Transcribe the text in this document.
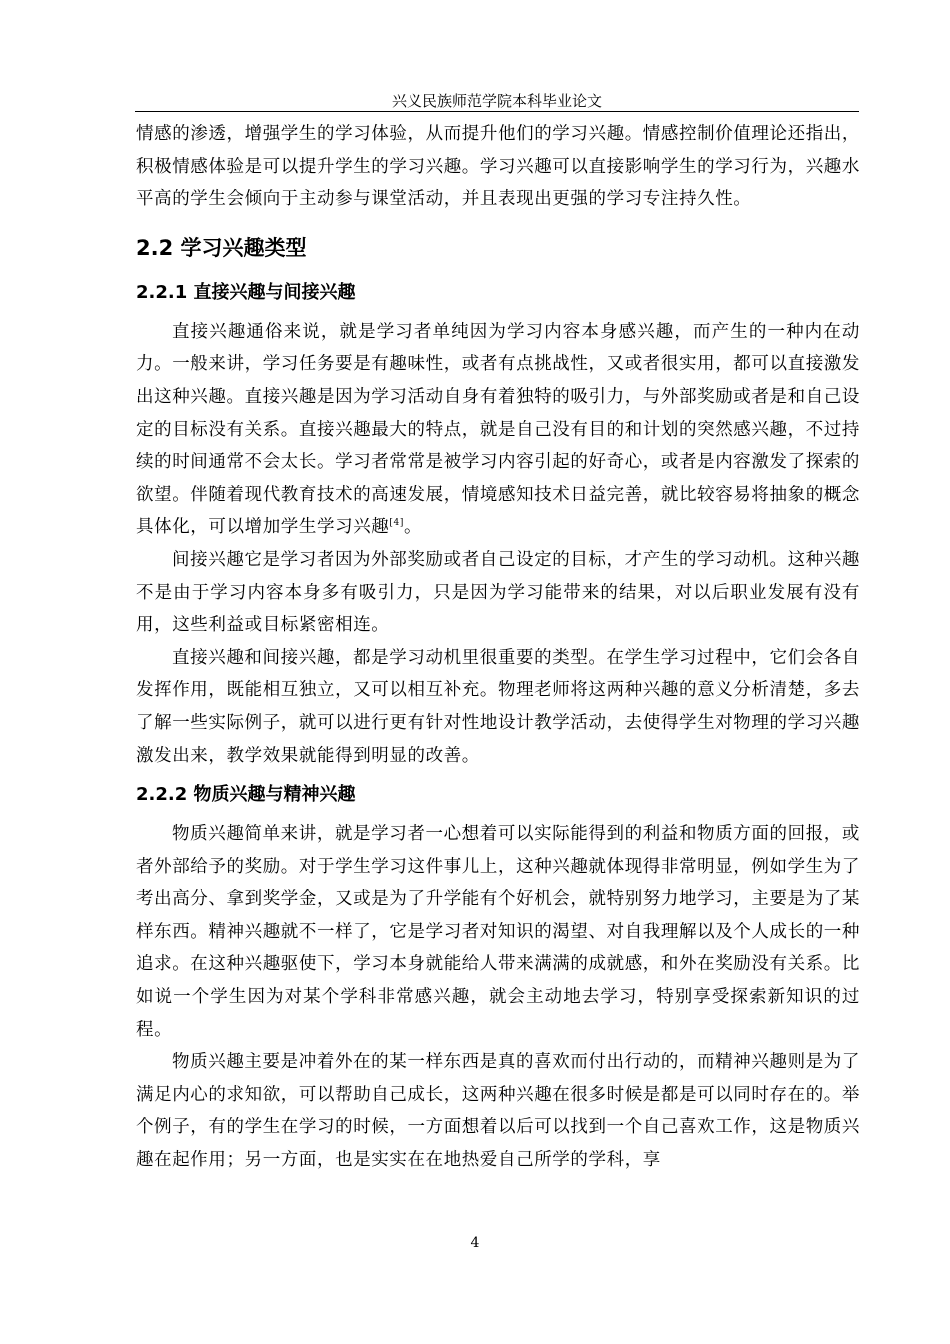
兴义民族师范学院本科毕业论文

情感的渗透，增强学生的学习体验，从而提升他们的学习兴趣。情感控制价值理论还指出，积极情感体验是可以提升学生的学习兴趣。学习兴趣可以直接影响学生的学习行为，兴趣水平高的学生会倾向于主动参与课堂活动，并且表现出更强的学习专注持久性。

2.2 学习兴趣类型
2.2.1 直接兴趣与间接兴趣

直接兴趣通俗来说，就是学习者单纯因为学习内容本身感兴趣，而产生的一种内在动力。一般来讲，学习任务要是有趣味性，或者有点挑战性，又或者很实用，都可以直接激发出这种兴趣。直接兴趣是因为学习活动自身有着独特的吸引力，与外部奖励或者是和自己设定的目标没有关系。直接兴趣最大的特点，就是自己没有目的和计划的突然感兴趣，不过持续的时间通常不会太长。学习者常常是被学习内容引起的好奇心，或者是内容激发了探索的欲望。伴随着现代教育技术的高速发展，情境感知技术日益完善，就比较容易将抽象的概念具体化，可以增加学生学习兴趣[4]。

间接兴趣它是学习者因为外部奖励或者自己设定的目标，才产生的学习动机。这种兴趣不是由于学习内容本身多有吸引力，只是因为学习能带来的结果，对以后职业发展有没有用，这些利益或目标紧密相连。

直接兴趣和间接兴趣，都是学习动机里很重要的类型。在学生学习过程中，它们会各自发挥作用，既能相互独立，又可以相互补充。物理老师将这两种兴趣的意义分析清楚，多去了解一些实际例子，就可以进行更有针对性地设计教学活动，去使得学生对物理的学习兴趣激发出来，教学效果就能得到明显的改善。

2.2.2 物质兴趣与精神兴趣

物质兴趣简单来讲，就是学习者一心想着可以实际能得到的利益和物质方面的回报，或者外部给予的奖励。对于学生学习这件事儿上，这种兴趣就体现得非常明显，例如学生为了考出高分、拿到奖学金，又或是为了升学能有个好机会，就特别努力地学习，主要是为了某样东西。精神兴趣就不一样了，它是学习者对知识的渴望、对自我理解以及个人成长的一种追求。在这种兴趣驱使下，学习本身就能给人带来满满的成就感，和外在奖励没有关系。比如说一个学生因为对某个学科非常感兴趣，就会主动地去学习，特别享受探索新知识的过程。

物质兴趣主要是冲着外在的某一样东西是真的喜欢而付出行动的，而精神兴趣则是为了满足内心的求知欲，可以帮助自己成长，这两种兴趣在很多时候是都是可以同时存在的。举个例子，有的学生在学习的时候，一方面想着以后可以找到一个自己喜欢工作，这是物质兴趣在起作用；另一方面，也是实实在在地热爱自己所学的学科，享

4
